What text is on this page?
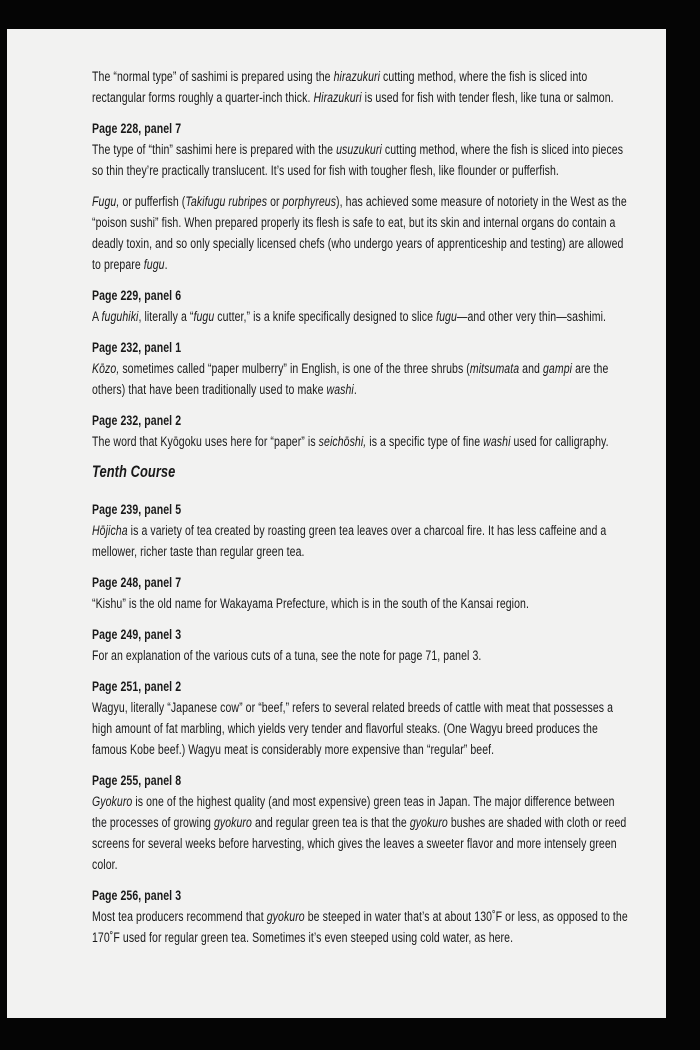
The “normal type” of sashimi is prepared using the hirazukuri cutting method, where the fish is sliced into rectangular forms roughly a quarter-inch thick. Hirazukuri is used for fish with tender flesh, like tuna or salmon.

Page 228, panel 7

The type of “thin” sashimi here is prepared with the usuzukuri cutting method, where the fish is sliced into pieces so thin they’re practically translucent. It’s used for fish with tougher flesh, like flounder or pufferfish.

Fugu, or pufferfish (Takifugu rubripes or porphyreus), has achieved some measure of notoriety in the West as the “poison sushi” fish. When prepared properly its flesh is safe to eat, but its skin and internal organs do contain a deadly toxin, and so only specially licensed chefs (who undergo years of apprenticeship and testing) are allowed to prepare fugu.

Page 229, panel 6

A fuguhiki, literally a “fugu cutter,” is a knife specifically designed to slice fugu—and other very thin—sashimi.

Page 232, panel 1

Kōzo, sometimes called “paper mulberry” in English, is one of the three shrubs (mitsumata and gampi are the others) that have been traditionally used to make washi.

Page 232, panel 2

The word that Kyōgoku uses here for “paper” is seichōshi, is a specific type of fine washi used for calligraphy.

Tenth Course
Page 239, panel 5

Hōjicha is a variety of tea created by roasting green tea leaves over a charcoal fire. It has less caffeine and a mellower, richer taste than regular green tea.

Page 248, panel 7

“Kishu” is the old name for Wakayama Prefecture, which is in the south of the Kansai region.

Page 249, panel 3

For an explanation of the various cuts of a tuna, see the note for page 71, panel 3.

Page 251, panel 2

Wagyu, literally “Japanese cow” or “beef,” refers to several related breeds of cattle with meat that possesses a high amount of fat marbling, which yields very tender and flavorful steaks. (One Wagyu breed produces the famous Kobe beef.) Wagyu meat is considerably more expensive than “regular” beef.

Page 255, panel 8

Gyokuro is one of the highest quality (and most expensive) green teas in Japan. The major difference between the processes of growing gyokuro and regular green tea is that the gyokuro bushes are shaded with cloth or reed screens for several weeks before harvesting, which gives the leaves a sweeter flavor and more intensely green color.

Page 256, panel 3

Most tea producers recommend that gyokuro be steeped in water that’s at about 130˚F or less, as opposed to the 170˚F used for regular green tea. Sometimes it’s even steeped using cold water, as here.
